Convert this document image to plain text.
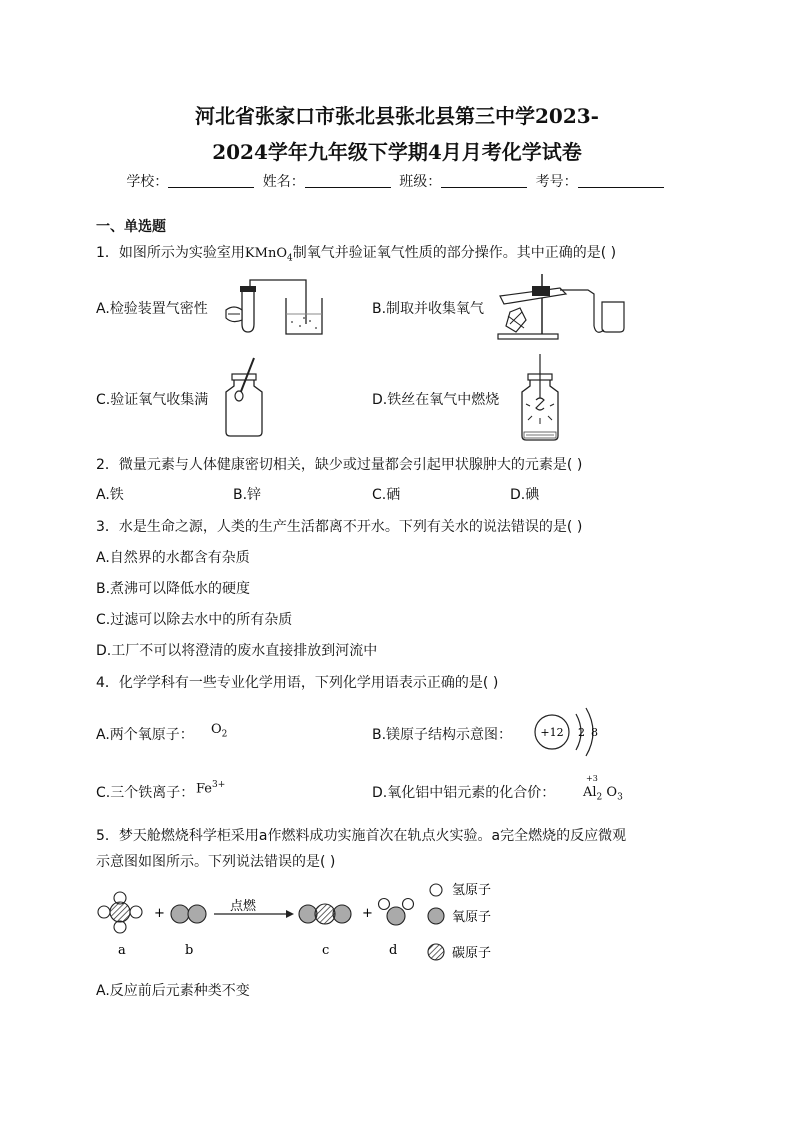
河北省张家口市张北县张北县第三中学2023-
2024学年九年级下学期4月月考化学试卷
学校：	姓名：	班级：	考号：
一、单选题
1．如图所示为实验室用KMnO$_4$制氧气并验证氧气性质的部分操作。其中正确的是( )
A.检验装置气密性	B.制取并收集氧气
C.验证氧气收集满	D.铁丝在氧气中燃烧
2．微量元素与人体健康密切相关，缺少或过量都会引起甲状腺肿大的元素是( )
A.铁	B.锌	C.硒	D.碘
3．水是生命之源，人类的生产生活都离不开水。下列有关水的说法错误的是( )
A.自然界的水都含有杂质
B.煮沸可以降低水的硬度
C.过滤可以除去水中的所有杂质
D.工厂不可以将澄清的废水直接排放到河流中
4．化学学科有一些专业化学用语，下列化学用语表示正确的是( )
A.两个氧原子： $O_2$	B.镁原子结构示意图：	+12 2 8
C.三个铁离子： $Fe^{3+}$	D.氧化铝中铝元素的化合价：
+3
$Al_2$ $O_3$
5．梦天舱燃烧科学柜采用a作燃料成功实施首次在轨点火实验。a完全燃烧的反应微观
示意图如图所示。下列说法错误的是( )
a
+
b
点燃
c
+
d
氢原子
氧原子
碳原子
A.反应前后元素种类不变
